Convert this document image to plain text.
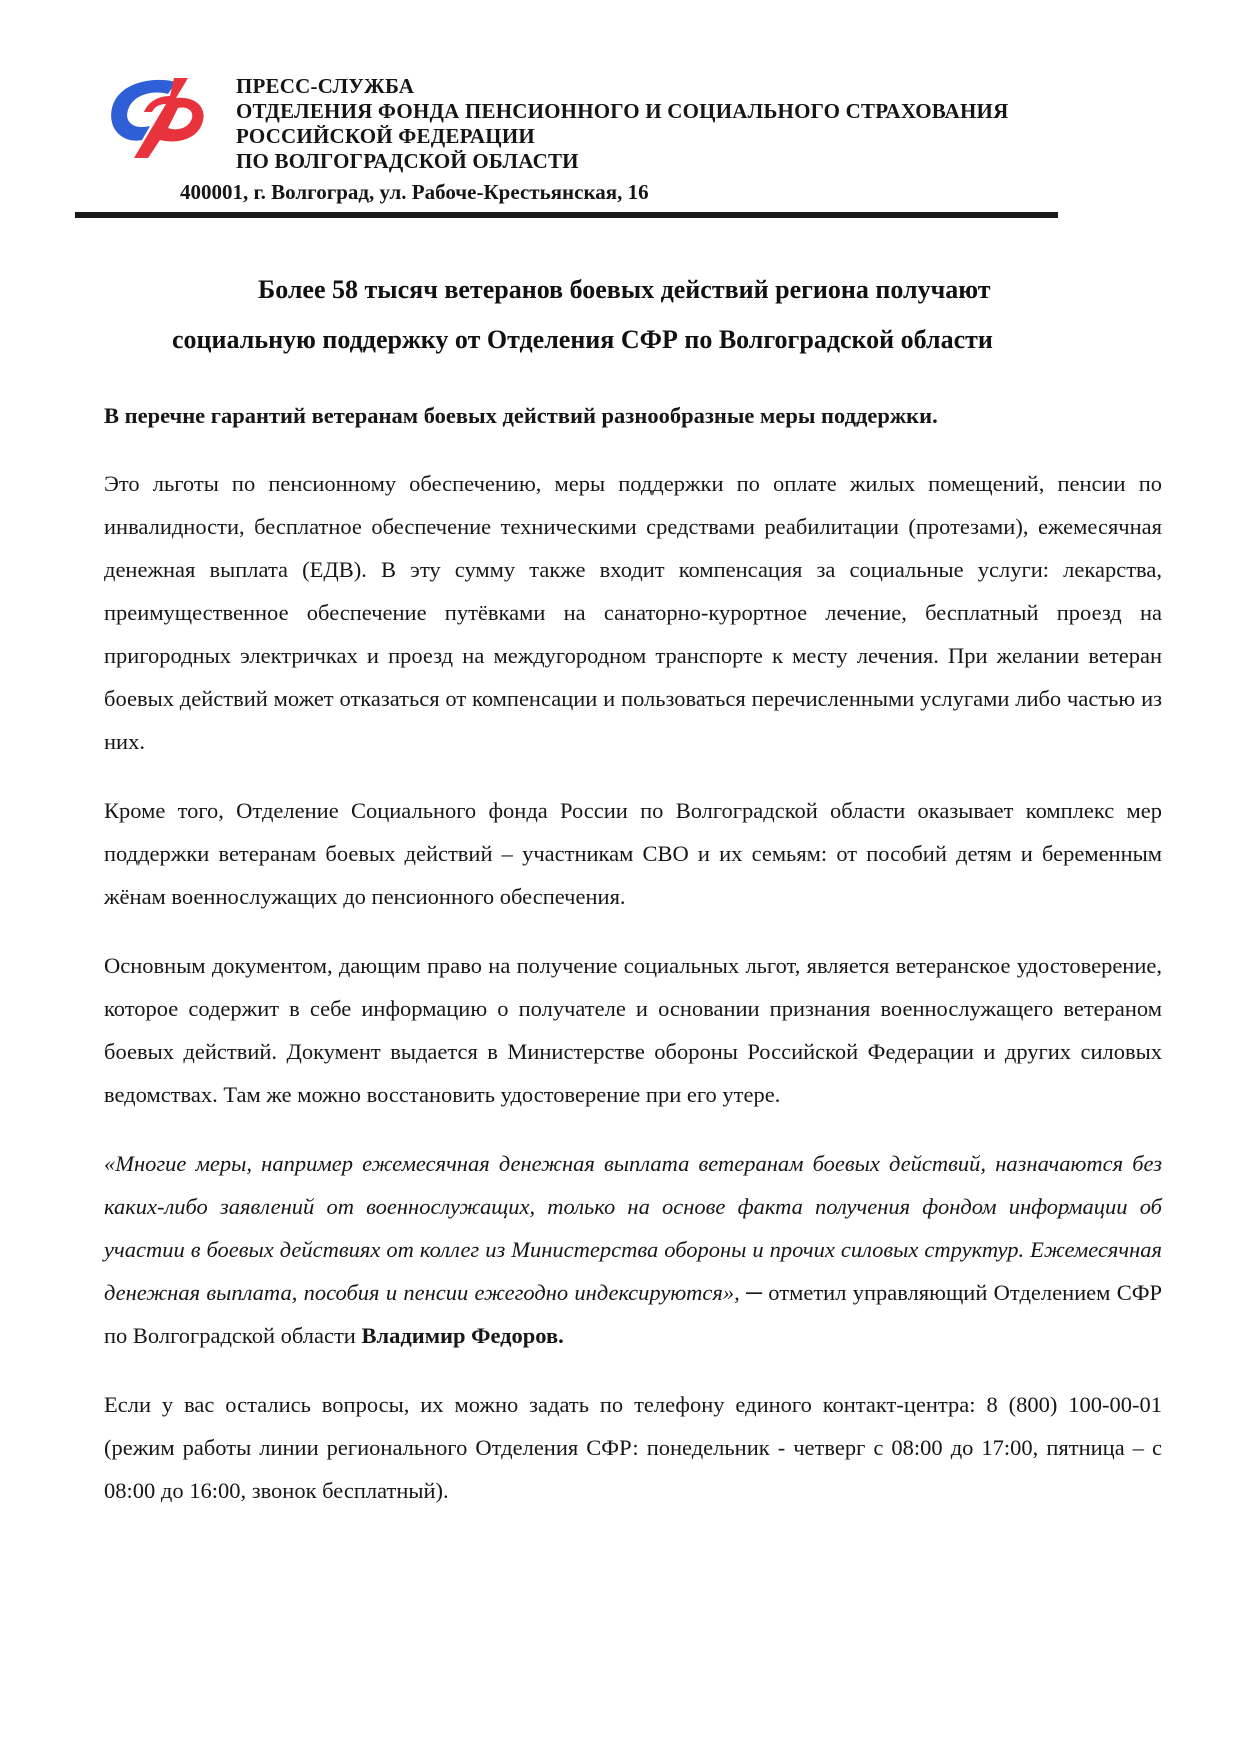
ПРЕСС-СЛУЖБА
ОТДЕЛЕНИЯ ФОНДА ПЕНСИОННОГО И СОЦИАЛЬНОГО СТРАХОВАНИЯ
РОССИЙСКОЙ ФЕДЕРАЦИИ
ПО ВОЛГОГРАДСКОЙ ОБЛАСТИ
400001, г. Волгоград, ул. Рабоче-Крестьянская, 16
Более 58 тысяч ветеранов боевых действий региона получают
социальную поддержку от Отделения СФР по Волгоградской области

В перечне гарантий ветеранам боевых действий разнообразные меры поддержки.

Это льготы по пенсионному обеспечению, меры поддержки по оплате жилых помещений, пенсии по инвалидности, бесплатное обеспечение техническими средствами реабилитации (протезами), ежемесячная денежная выплата (ЕДВ). В эту сумму также входит компенсация за социальные услуги: лекарства, преимущественное обеспечение путёвками на санаторно-курортное лечение, бесплатный проезд на пригородных электричках и проезд на междугородном транспорте к месту лечения. При желании ветеран боевых действий может отказаться от компенсации и пользоваться перечисленными услугами либо частью из них.

Кроме того, Отделение Социального фонда России по Волгоградской области оказывает комплекс мер поддержки ветеранам боевых действий – участникам СВО и их семьям: от пособий детям и беременным жёнам военнослужащих до пенсионного обеспечения.

Основным документом, дающим право на получение социальных льгот, является ветеранское удостоверение, которое содержит в себе информацию о получателе и основании признания военнослужащего ветераном боевых действий. Документ выдается в Министерстве обороны Российской Федерации и других силовых ведомствах. Там же можно восстановить удостоверение при его утере.

«Многие меры, например ежемесячная денежная выплата ветеранам боевых действий, назначаются без каких-либо заявлений от военнослужащих, только на основе факта получения фондом информации об участии в боевых действиях от коллег из Министерства обороны и прочих силовых структур. Ежемесячная денежная выплата, пособия и пенсии ежегодно индексируются», ─ отметил управляющий Отделением СФР по Волгоградской области Владимир Федоров.

Если у вас остались вопросы, их можно задать по телефону единого контакт-центра: 8 (800) 100-00-01 (режим работы линии регионального Отделения СФР: понедельник - четверг с 08:00 до 17:00, пятница – с 08:00 до 16:00, звонок бесплатный).
